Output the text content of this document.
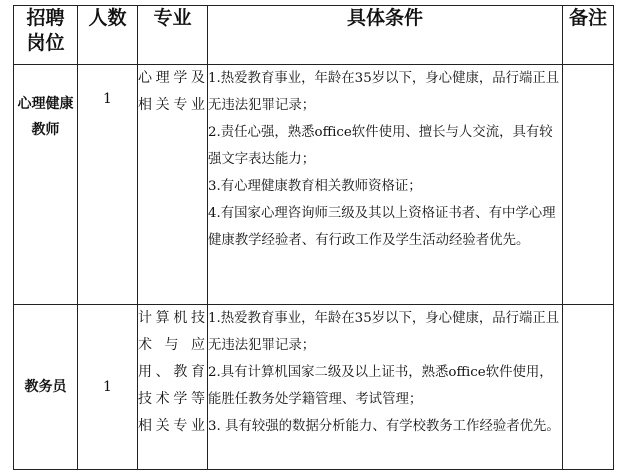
招聘岗位	人数	专业	具体条件	备注
心理健康教师	1	心理学及相关专业	1.热爱教育事业，年龄在35岁以下，身心健康，品行端正且无违法犯罪记录；
2.责任心强，熟悉office软件使用、擅长与人交流，具有较强文字表达能力；
3.有心理健康教育相关教师资格证；
4.有国家心理咨询师三级及其以上资格证书者、有中学心理健康教学经验者、有行政工作及学生活动经验者优先。	

教务员	1	计算机技术与应用、教育技术学等相关专业	1.热爱教育事业，年龄在35岁以下，身心健康，品行端正且无违法犯罪记录；
2.具有计算机国家二级及以上证书，熟悉office软件使用，能胜任教务处学籍管理、考试管理；
3. 具有较强的数据分析能力、有学校教务工作经验者优先。	
